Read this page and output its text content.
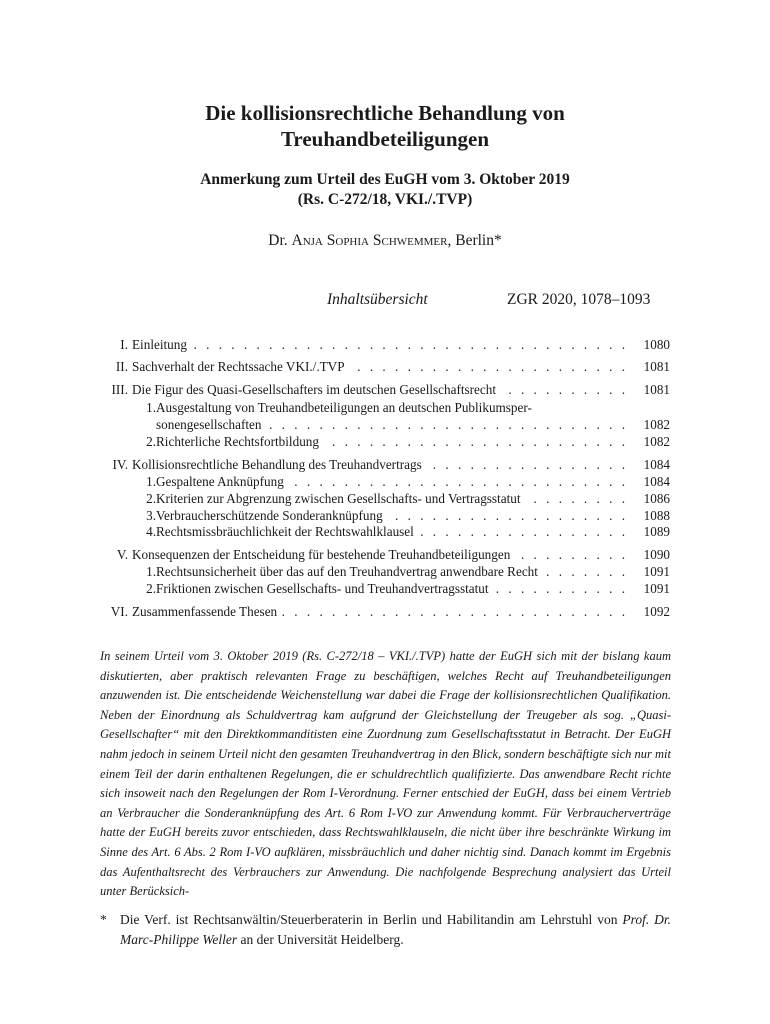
Die kollisionsrechtliche Behandlung von
Treuhandbeteiligungen
Anmerkung zum Urteil des EuGH vom 3. Oktober 2019
(Rs. C-272/18, VKI./.TVP)
Dr. Anja Sophia Schwemmer, Berlin*
Inhaltsübersicht	ZGR 2020, 1078–1093
I. Einleitung . . .	1080
II. Sachverhalt der Rechtssache VKI./.TVP . . .	1081
III. Die Figur des Quasi-Gesellschafters im deutschen Gesellschaftsrecht . . .	1081
1. Ausgestaltung von Treuhandbeteiligungen an deutschen Publikumsper-
sonengesellschaften . . .	1082
2. Richterliche Rechtsfortbildung . . .	1082
IV. Kollisionsrechtliche Behandlung des Treuhandvertrags . . .	1084
1. Gespaltene Anknüpfung . . .	1084
2. Kriterien zur Abgrenzung zwischen Gesellschafts- und Vertragsstatut . . .	1086
3. Verbraucherschützende Sonderanknüpfung . . .	1088
4. Rechtsmissbräuchlichkeit der Rechtswahlklausel . . .	1089
V. Konsequenzen der Entscheidung für bestehende Treuhandbeteiligungen . . .	1090
1. Rechtsunsicherheit über das auf den Treuhandvertrag anwendbare Recht . . .	1091
2. Friktionen zwischen Gesellschafts- und Treuhandvertragsstatut . . .	1091
VI. Zusammenfassende Thesen . . .	1092

In seinem Urteil vom 3. Oktober 2019 (Rs. C-272/18 – VKI./.TVP) hatte der EuGH sich mit der bislang kaum diskutierten, aber praktisch relevanten Frage zu beschäftigen, welches Recht auf Treuhandbeteiligungen anzuwenden ist. Die entscheidende Weichenstellung war dabei die Frage der kollisionsrechtlichen Qualifikation. Neben der Einordnung als Schuldvertrag kam aufgrund der Gleichstellung der Treugeber als sog. „Quasi-Gesellschafter“ mit den Direktkommanditisten eine Zuordnung zum Gesellschaftsstatut in Betracht. Der EuGH nahm jedoch in seinem Urteil nicht den gesamten Treuhandvertrag in den Blick, sondern beschäftigte sich nur mit einem Teil der darin enthaltenen Regelungen, die er schuldrechtlich qualifizierte. Das anwendbare Recht richte sich insoweit nach den Regelungen der Rom I-Verordnung. Ferner entschied der EuGH, dass bei einem Vertrieb an Verbraucher die Sonderanknüpfung des Art. 6 Rom I-VO zur Anwendung kommt. Für Verbraucherverträge hatte der EuGH bereits zuvor entschieden, dass Rechtswahlklauseln, die nicht über ihre beschränkte Wirkung im Sinne des Art. 6 Abs. 2 Rom I-VO aufklären, missbräuchlich und daher nichtig sind. Danach kommt im Ergebnis das Aufenthaltsrecht des Verbrauchers zur Anwendung. Die nachfolgende Besprechung analysiert das Urteil unter Berücksich-

* Die Verf. ist Rechtsanwältin/Steuerberaterin in Berlin und Habilitandin am Lehrstuhl von Prof. Dr. Marc-Philippe Weller an der Universität Heidelberg.
